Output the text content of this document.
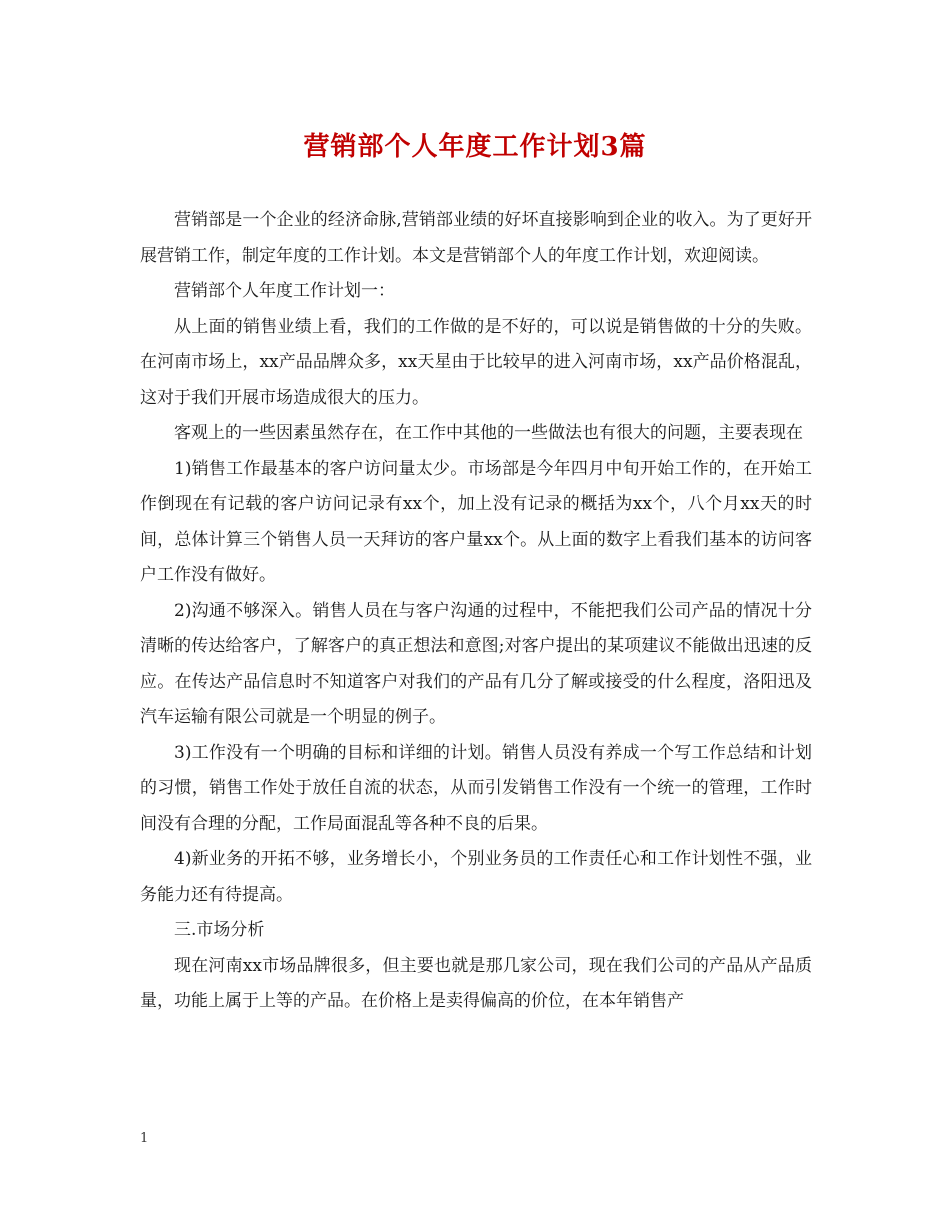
营销部个人年度工作计划3篇

营销部是一个企业的经济命脉,营销部业绩的好坏直接影响到企业的收入。为了更好开展营销工作，制定年度的工作计划。本文是营销部个人的年度工作计划，欢迎阅读。

营销部个人年度工作计划一：

从上面的销售业绩上看，我们的工作做的是不好的，可以说是销售做的十分的失败。在河南市场上，xx产品品牌众多，xx天星由于比较早的进入河南市场，xx产品价格混乱，这对于我们开展市场造成很大的压力。

客观上的一些因素虽然存在，在工作中其他的一些做法也有很大的问题，主要表现在

1)销售工作最基本的客户访问量太少。市场部是今年四月中旬开始工作的，在开始工作倒现在有记载的客户访问记录有xx个，加上没有记录的概括为xx个，八个月xx天的时间，总体计算三个销售人员一天拜访的客户量xx个。从上面的数字上看我们基本的访问客户工作没有做好。

2)沟通不够深入。销售人员在与客户沟通的过程中，不能把我们公司产品的情况十分清晰的传达给客户，了解客户的真正想法和意图;对客户提出的某项建议不能做出迅速的反应。在传达产品信息时不知道客户对我们的产品有几分了解或接受的什么程度，洛阳迅及汽车运输有限公司就是一个明显的例子。

3)工作没有一个明确的目标和详细的计划。销售人员没有养成一个写工作总结和计划的习惯，销售工作处于放任自流的状态，从而引发销售工作没有一个统一的管理，工作时间没有合理的分配，工作局面混乱等各种不良的后果。

4)新业务的开拓不够，业务增长小，个别业务员的工作责任心和工作计划性不强，业务能力还有待提高。

三.市场分析

现在河南xx市场品牌很多，但主要也就是那几家公司，现在我们公司的产品从产品质量，功能上属于上等的产品。在价格上是卖得偏高的价位，在本年销售产

1
